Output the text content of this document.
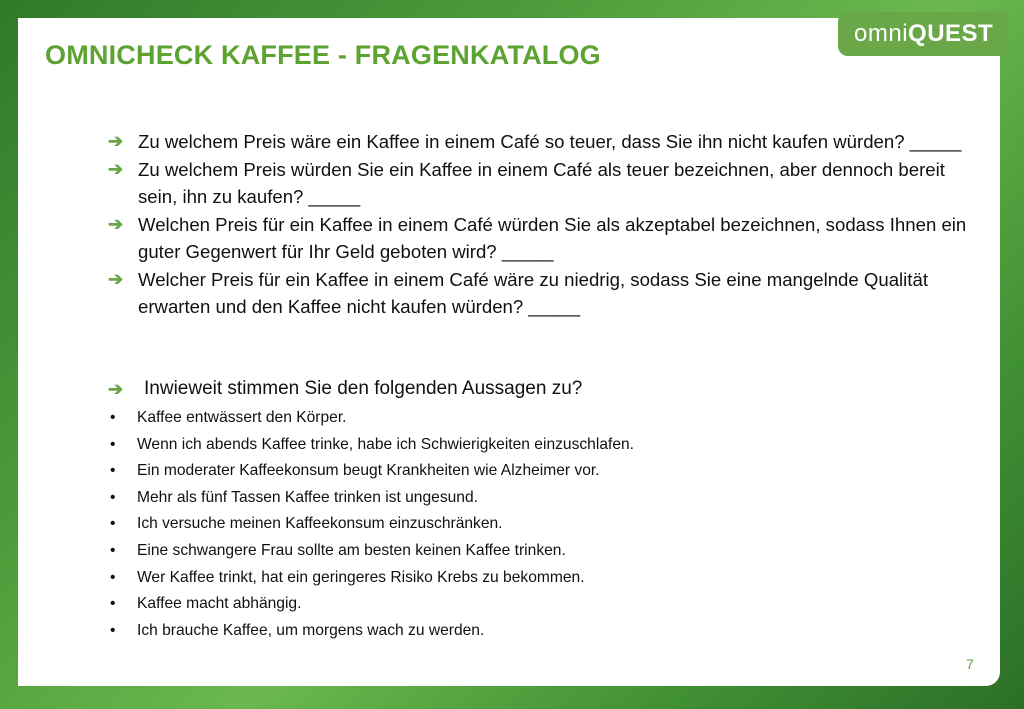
omniQUEST
OMNICHECK KAFFEE - FRAGENKATALOG
➔ Zu welchem Preis wäre ein Kaffee in einem Café so teuer, dass Sie ihn nicht kaufen würden? _____
➔ Zu welchem Preis würden Sie ein Kaffee in einem Café als teuer bezeichnen, aber dennoch bereit sein, ihn zu kaufen? _____
➔ Welchen Preis für ein Kaffee in einem Café würden Sie als akzeptabel bezeichnen, sodass Ihnen ein guter Gegenwert für Ihr Geld geboten wird? _____
➔ Welcher Preis für ein Kaffee in einem Café wäre zu niedrig, sodass Sie eine mangelnde Qualität erwarten und den Kaffee nicht kaufen würden? _____
➔ Inwieweit stimmen Sie den folgenden Aussagen zu?
• Kaffee entwässert den Körper.
• Wenn ich abends Kaffee trinke, habe ich Schwierigkeiten einzuschlafen.
• Ein moderater Kaffeekonsum beugt Krankheiten wie Alzheimer vor.
• Mehr als fünf Tassen Kaffee trinken ist ungesund.
• Ich versuche meinen Kaffeekonsum einzuschränken.
• Eine schwangere Frau sollte am besten keinen Kaffee trinken.
• Wer Kaffee trinkt, hat ein geringeres Risiko Krebs zu bekommen.
• Kaffee macht abhängig.
• Ich brauche Kaffee, um morgens wach zu werden.
7
